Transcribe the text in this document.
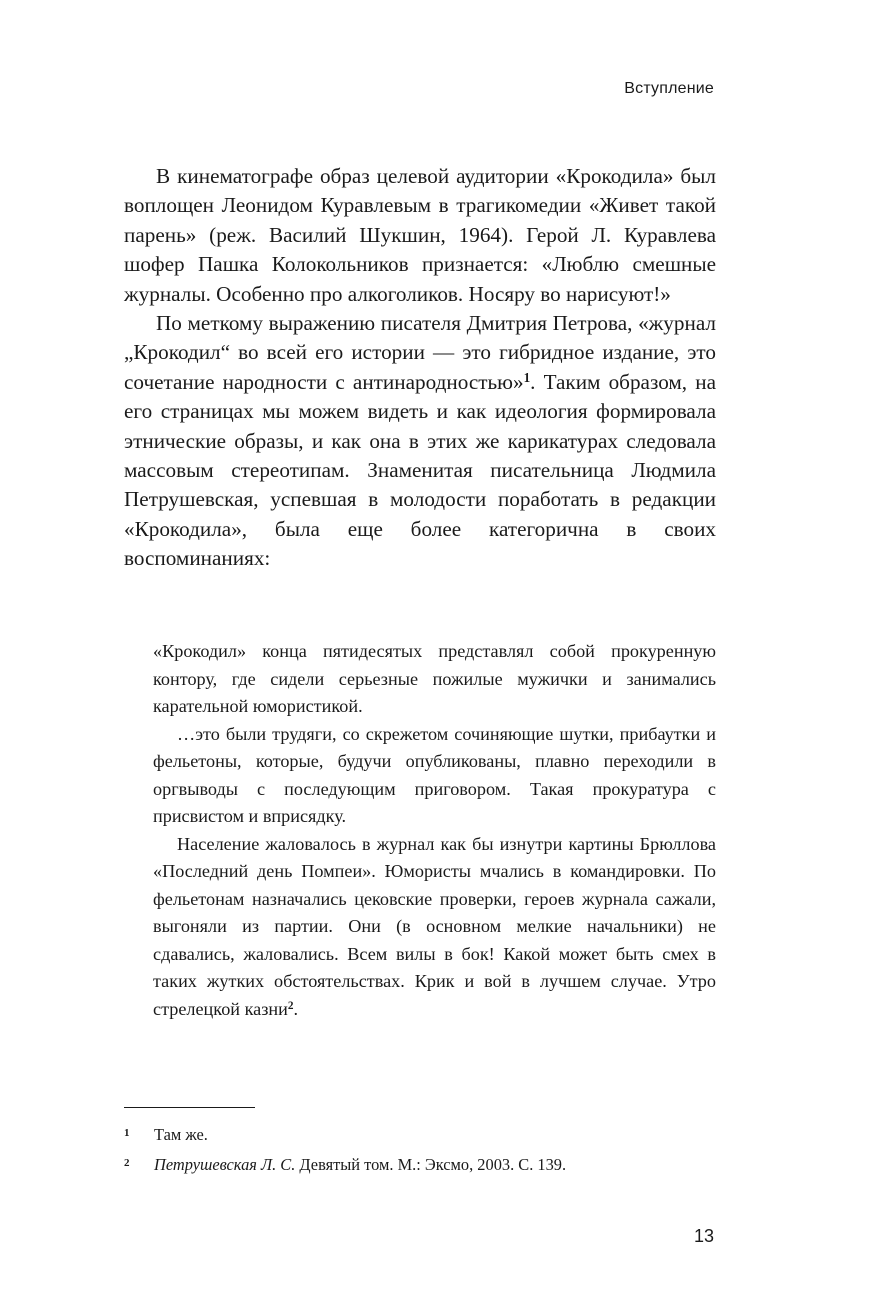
Вступление

В кинематографе образ целевой аудитории «Крокодила» был воплощен Леонидом Куравлевым в трагикомедии «Живет такой парень» (реж. Василий Шукшин, 1964). Герой Л. Куравлева шофер Пашка Колокольников признается: «Люблю смешные журналы. Особенно про алкоголиков. Носяру во нарисуют!»

По меткому выражению писателя Дмитрия Петрова, «журнал „Крокодил“ во всей его истории — это гибридное издание, это сочетание народности с антинародностью»$^1$. Таким образом, на его страницах мы можем видеть и как идеология формировала этнические образы, и как она в этих же карикатурах следовала массовым стереотипам. Знаменитая писательница Людмила Петрушевская, успевшая в молодости поработать в редакции «Крокодила», была еще более категорична в своих воспоминаниях:

«Крокодил» конца пятидесятых представлял собой прокуренную контору, где сидели серьезные пожилые мужички и занимались карательной юмористикой.

…это были трудяги, со скрежетом сочиняющие шутки, прибаутки и фельетоны, которые, будучи опубликованы, плавно переходили в оргвыводы с последующим приговором. Такая прокуратура с присвистом и вприсядку.

Население жаловалось в журнал как бы изнутри картины Брюллова «Последний день Помпеи». Юмористы мчались в командировки. По фельетонам назначались цековские проверки, героев журнала сажали, выгоняли из партии. Они (в основном мелкие начальники) не сдавались, жаловались. Всем вилы в бок! Какой может быть смех в таких жутких обстоятельствах. Крик и вой в лучшем случае. Утро стрелецкой казни$^2$.

1	Там же.
2	Петрушевская Л. С. Девятый том. М.: Эксмо, 2003. С. 139.
13
